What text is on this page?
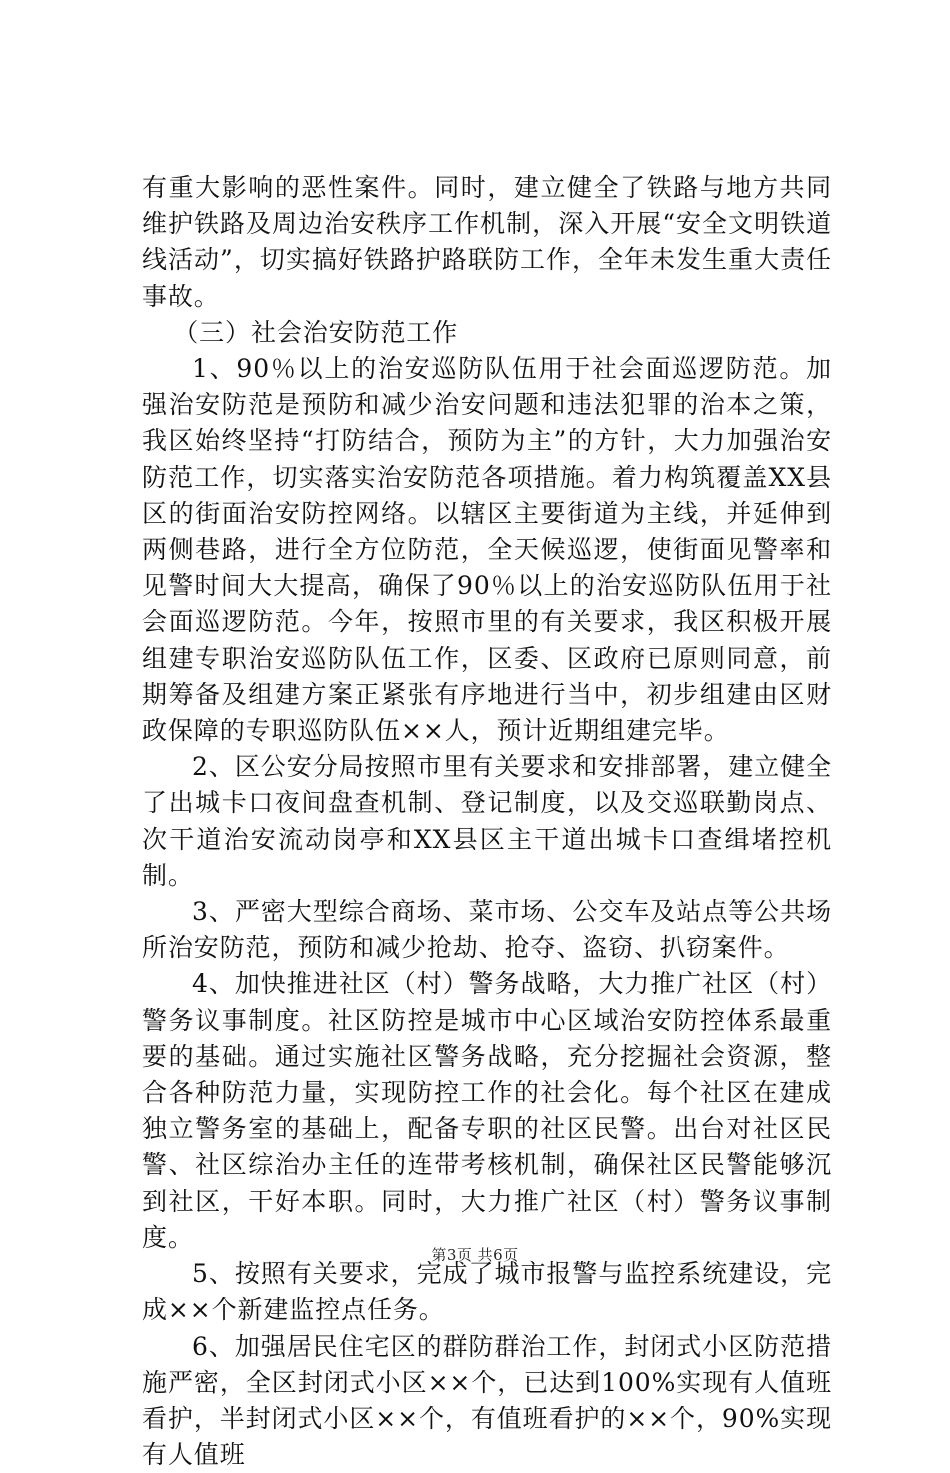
有重大影响的恶性案件。同时，建立健全了铁路与地方共同维护铁路及周边治安秩序工作机制，深入开展“安全文明铁道线活动”，切实搞好铁路护路联防工作，全年未发生重大责任事故。

（三）社会治安防范工作

1、90％以上的治安巡防队伍用于社会面巡逻防范。加强治安防范是预防和减少治安问题和违法犯罪的治本之策，我区始终坚持“打防结合，预防为主”的方针，大力加强治安防范工作，切实落实治安防范各项措施。着力构筑覆盖XX县区的街面治安防控网络。以辖区主要街道为主线，并延伸到两侧巷路，进行全方位防范，全天候巡逻，使街面见警率和见警时间大大提高，确保了90％以上的治安巡防队伍用于社会面巡逻防范。今年，按照市里的有关要求，我区积极开展组建专职治安巡防队伍工作，区委、区政府已原则同意，前期筹备及组建方案正紧张有序地进行当中，初步组建由区财政保障的专职巡防队伍××人，预计近期组建完毕。

2、区公安分局按照市里有关要求和安排部署，建立健全了出城卡口夜间盘查机制、登记制度，以及交巡联勤岗点、次干道治安流动岗亭和XX县区主干道出城卡口查缉堵控机制。

3、严密大型综合商场、菜市场、公交车及站点等公共场所治安防范，预防和减少抢劫、抢夺、盗窃、扒窃案件。

4、加快推进社区（村）警务战略，大力推广社区（村）警务议事制度。社区防控是城市中心区域治安防控体系最重要的基础。通过实施社区警务战略，充分挖掘社会资源，整合各种防范力量，实现防控工作的社会化。每个社区在建成独立警务室的基础上，配备专职的社区民警。出台对社区民警、社区综治办主任的连带考核机制，确保社区民警能够沉到社区，干好本职。同时，大力推广社区（村）警务议事制度。

5、按照有关要求，完成了城市报警与监控系统建设，完成××个新建监控点任务。

6、加强居民住宅区的群防群治工作，封闭式小区防范措施严密，全区封闭式小区××个，已达到100%实现有人值班看护，半封闭式小区××个，有值班看护的××个，90%实现有人值班

第3页 共6页
